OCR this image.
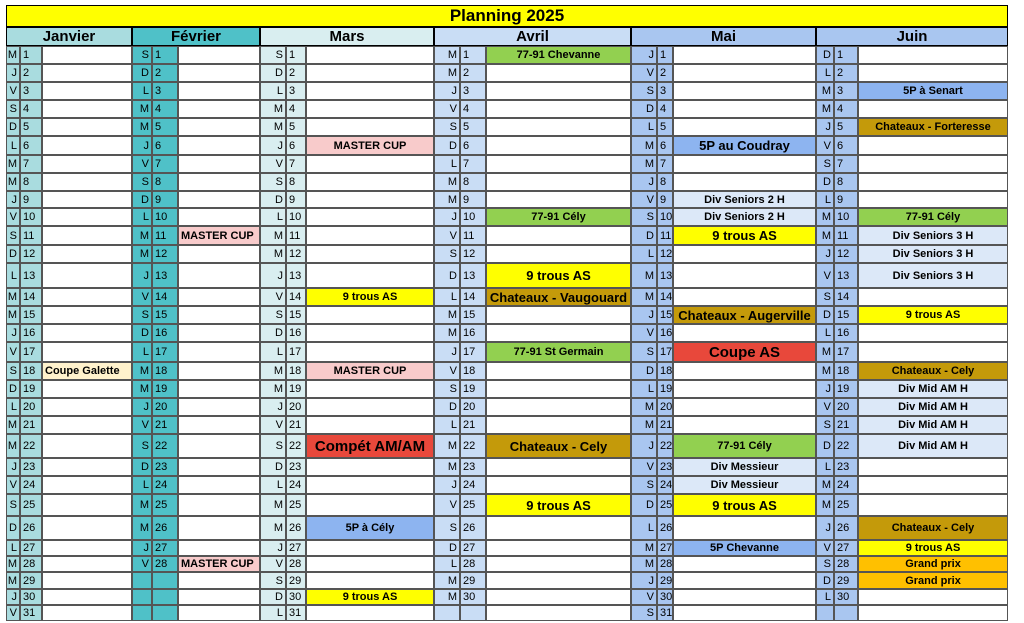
Planning 2025
Janvier
M 1
J 2
V 3
S 4
D 5
L 6
M 7
M 8
J 9
V 10
S 11
D 12
L 13
M 14
M 15
J 16
V 17
S 18 Coupe Galette
D 19
L 20
M 21
M 22
J 23
V 24
S 25
D 26
L 27
M 28
M 29
J 30
V 31
Février
S 1
D 2
L 3
M 4
M 5
J 6
V 7
S 8
D 9
L 10
M 11	MASTER CUP
M 12
J 13
V 14
S 15
D 16
L 17
M 18
M 19
J 20
V 21
S 22
D 23
L 24
M 25
M 26
J 27
V 28	MASTER CUP
Mars
S 1
D 2
L 3
M 4
M 5
J 6	MASTER CUP
V 7
S 8
D 9
L 10
M 11
M 12
J 13
V 14	9 trous AS
S 15
D 16
L 17
M 18	MASTER CUP
M 19
J 20
V 21
S 22 Compét AM/AM
D 23
L 24
M 25
M 26	5P à Cély
J 27
V 28
S 29
D 30	9 trous AS
L 31
Avril
M 1	77-91 Chevanne
M 2
J 3
V 4
S 5
D 6
L 7
M 8
M 9
J 10	77-91 Cély
V 11
S 12
D 13	9 trous AS
L 14	Chateaux - Vaugouard
M 15
M 16
J 17	77-91 St Germain
V 18
S 19
D 20
L 21
M 22	Chateaux - Cely
M 23
J 24
V 25	9 trous AS
S 26
D 27
L 28
M 29
M 30
Mai
J 1
V 2
S 3
D 4
L 5
M 6	5P au Coudray
M 7
J 8
V 9	Div Seniors 2 H
S 10	Div Seniors 2 H
D 11	9 trous AS
L 12
M 13
M 14
J 15 Chateaux - Augerville
V 16
S 17	Coupe AS
D 18
L 19
M 20
M 21
J 22	77-91 Cély
V 23	Div Messieur
S 24	Div Messieur
D 25	9 trous AS
L 26
M 27	5P Chevanne
M 28
J 29
V 30
S 31
Juin
D 1
L 2
M 3	5P à Senart
M 4
J 5	Chateaux - Forteresse
V 6
S 7
D 8
L 9
M 10	77-91 Cély
M 11	Div Seniors 3 H
J 12	Div Seniors 3 H
V 13	Div Seniors 3 H
S 14
D 15	9 trous AS
L 16
M 17
M 18	Chateaux - Cely
J 19	Div Mid AM H
V 20	Div Mid AM H
S 21	Div Mid AM H
D 22	Div Mid AM H
L 23
M 24
M 25
J 26	Chateaux - Cely
V 27	9 trous AS
S 28	Grand prix
D 29	Grand prix
L 30
